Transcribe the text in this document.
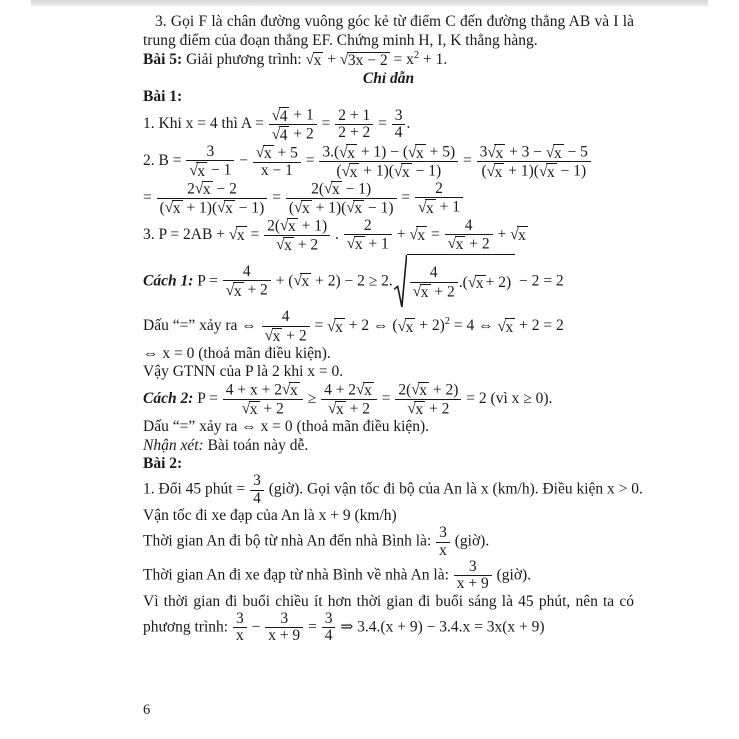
3. Gọi F là chân đường vuông góc kẻ từ điểm C đến đường thẳng AB và I là trung điểm của đoạn thẳng EF. Chứng minh H, I, K thẳng hàng.

Bài 5: Giải phương trình: $√x + √3x - 2 = x^2 + 1$.

Chỉ dẫn

Bài 1:

1. Khi x = 4 thì $A = \frac{√4 + 1}{√4 + 2} = \frac{2 + 1}{2 + 2} = \frac{3}{4}$ .
2. $B = \frac{3}{√x - 1} - \frac{√x + 5}{x - 1} = \frac{3.(√x + 1) - (√x + 5)}{(√x + 1)(√x - 1)} = \frac{3√x + 3 - √x - 5}{(√x + 1)(√x - 1)}$
= $\frac{2√x - 2}{(√x + 1)(√x - 1)} = \frac{2(√x - 1)}{(√x + 1)(√x - 1)} = \frac{2}{√x + 1}$
3. $P = 2AB + √x = \frac{2(√x + 1)}{√x + 2}$ . $\frac{2}{√x + 1} + √x = \frac{4}{√x + 2} + √x$
Cách 1: $P = \frac{4}{√x + 2} + (√x + 2) - 2 \ge 2$. $\frac{4}{√x + 2}$ .( √x + 2) − 2 = 2
Dấu “=” xảy ra ⇔ $\frac{4}{√x + 2} = √x + 2$ ⇔ $(√x + 2)^2 = 4$ ⇔ √x + 2 = 2

⇔ x = 0 (thoả mãn điều kiện).

Vậy GTNN của P là 2 khi x = 0.

Cách 2: $P = \frac{4 + x + 2√x}{√x + 2} \ge \frac{4 + 2√x}{√x + 2} = \frac{2(√x + 2)}{√x + 2} = 2$ (vì x ≥ 0).

Dấu “=” xảy ra ⇔ x = 0 (thoả mãn điều kiện).

Nhận xét: Bài toán này dễ.

Bài 2:

1. Đổi 45 phút = $\frac{3}{4}$ (giờ). Gọi vận tốc đi bộ của An là x (km/h). Điều kiện x > 0.

Vận tốc đi xe đạp của An là x + 9 (km/h)

Thời gian An đi bộ từ nhà An đến nhà Bình là: $\frac{3}{x}$ (giờ).
Thời gian An đi xe đạp từ nhà Bình về nhà An là: $\frac{3}{x + 9}$ (giờ).

Vì thời gian đi buổi chiều ít hơn thời gian đi buổi sáng là 45 phút, nên ta có

phương trình: $\frac{3}{x} - \frac{3}{x + 9} = \frac{3}{4}$ ⇒ 3.4.(x + 9) − 3.4.x = 3x(x + 9)
6
